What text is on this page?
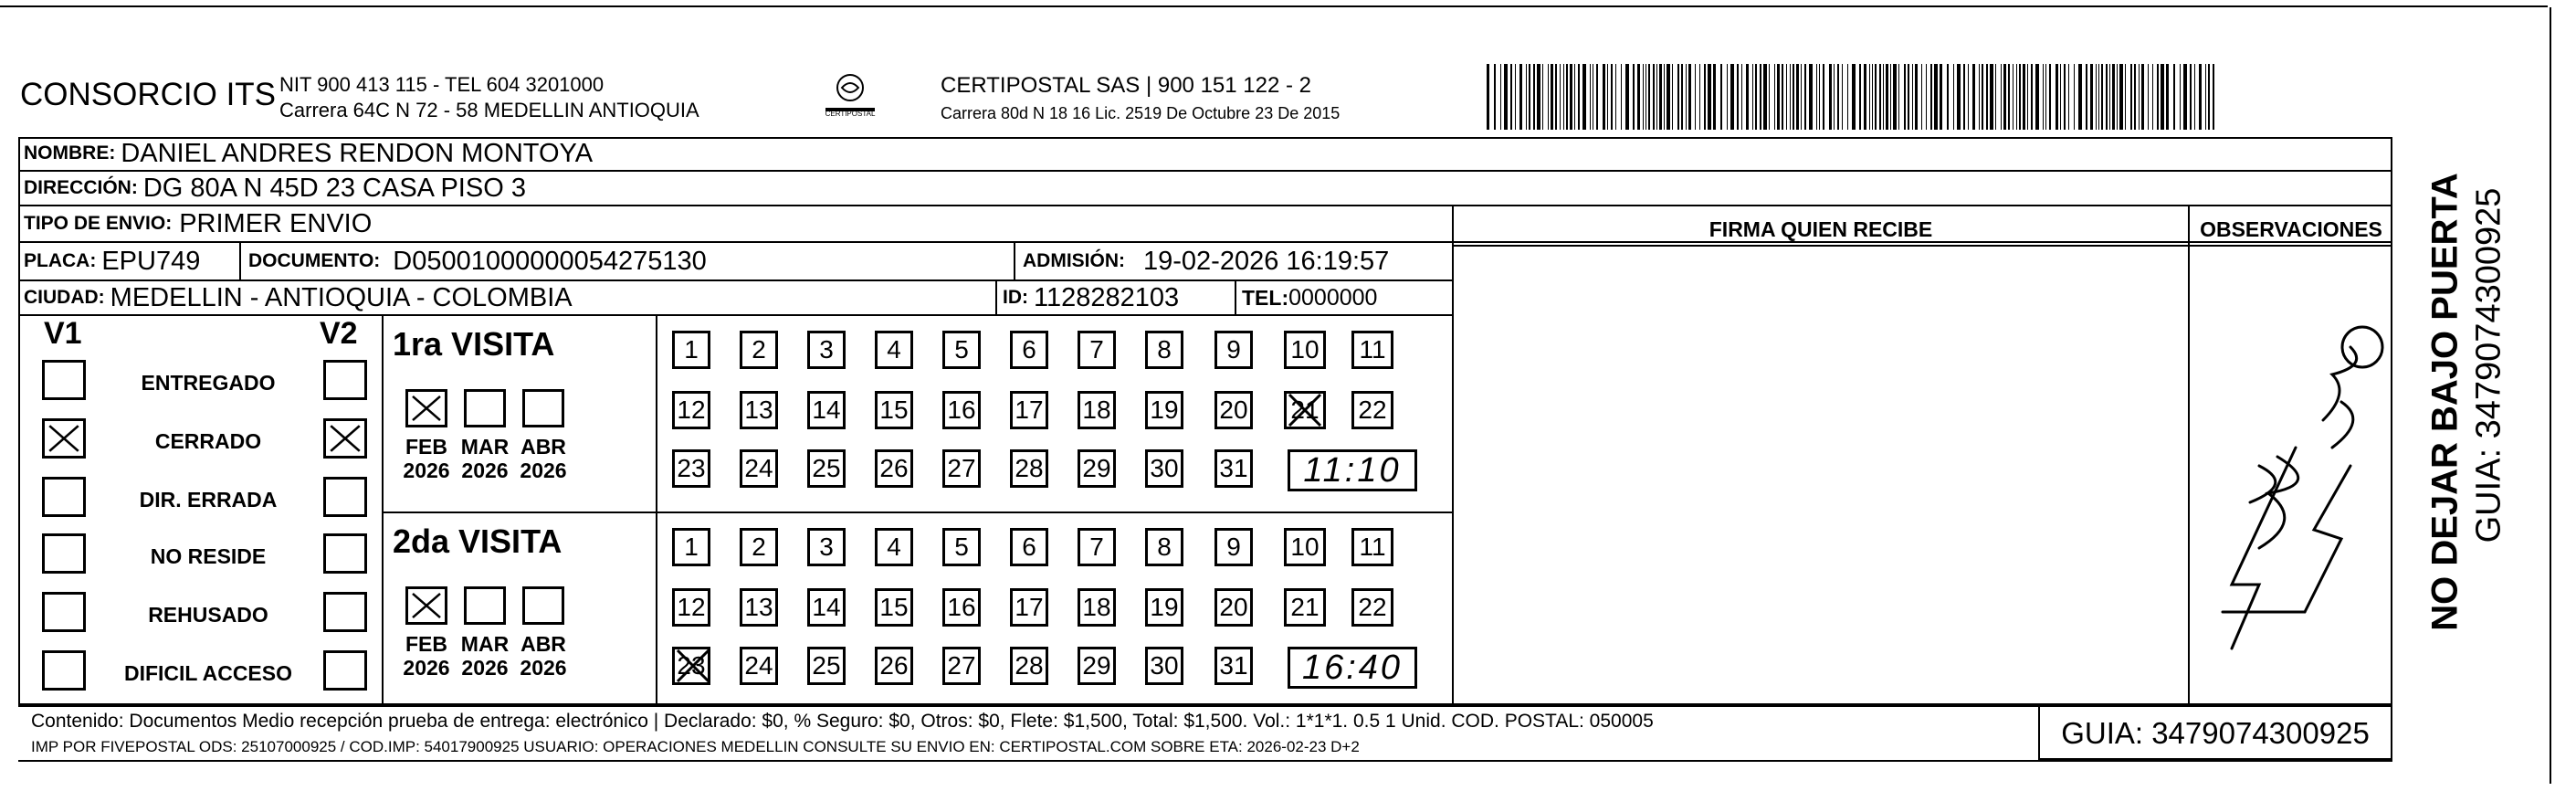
CONSORCIO ITS NIT 900 413 115 - TEL 604 3201000
Carrera 64C N 72 - 58 MEDELLIN ANTIOQUIA	CERTIPOSTAL
CERTIPOSTAL SAS | 900 151 122 - 2
Carrera 80d N 18 16 Lic. 2519 De Octubre 23 De 2015
NOMBRE: DANIEL ANDRES RENDON MONTOYA
DIRECCIÓN: DG 80A N 45D 23 CASA PISO 3
TIPO DE ENVIO: PRIMER ENVIO
PLACA: EPU749	DOCUMENTO: D05001000000054275130	ADMISIÓN: 19-02-2026 16:19:57
CIUDAD: MEDELLIN - ANTIOQUIA - COLOMBIA	ID: 1128282103	TEL: 0000000
FIRMA QUIEN RECIBE	OBSERVACIONES NO DEJAR BAJO PUERTA GUIA: 3479074300925
V1	V2
ENTREGADO
CERRADO
DIR. ERRADA
NO RESIDE
REHUSADO
DIFICIL ACCESO
1ra VISITA
FEB
2026
MAR
2026
ABR
2026
1	2	3	4	5	6	7	8	9	10	11
12 13 14 15 16 17 18 19 20 21 22
23 24 25 26 27 28 29 30 31 11:10
2da VISITA
FEB
2026
MAR
2026
ABR
2026
1	2	3	4	5	6	7	8	9	10	11
12 13 14 15 16 17 18 19 20 21 22
23 24 25 26 27 28 29 30 31 16:40
Contenido: Documentos Medio recepción prueba de entrega: electrónico | Declarado: $0, % Seguro: $0, Otros: $0, Flete: $1,500, Total: $1,500. Vol.: 1*1*1. 0.5 1 Unid. COD. POSTAL: 050005
IMP POR FIVEPOSTAL ODS: 25107000925 / COD.IMP: 54017900925 USUARIO: OPERACIONES MEDELLIN CONSULTE SU ENVIO EN: CERTIPOSTAL.COM SOBRE ETA: 2026-02-23 D+2	GUIA: 3479074300925
